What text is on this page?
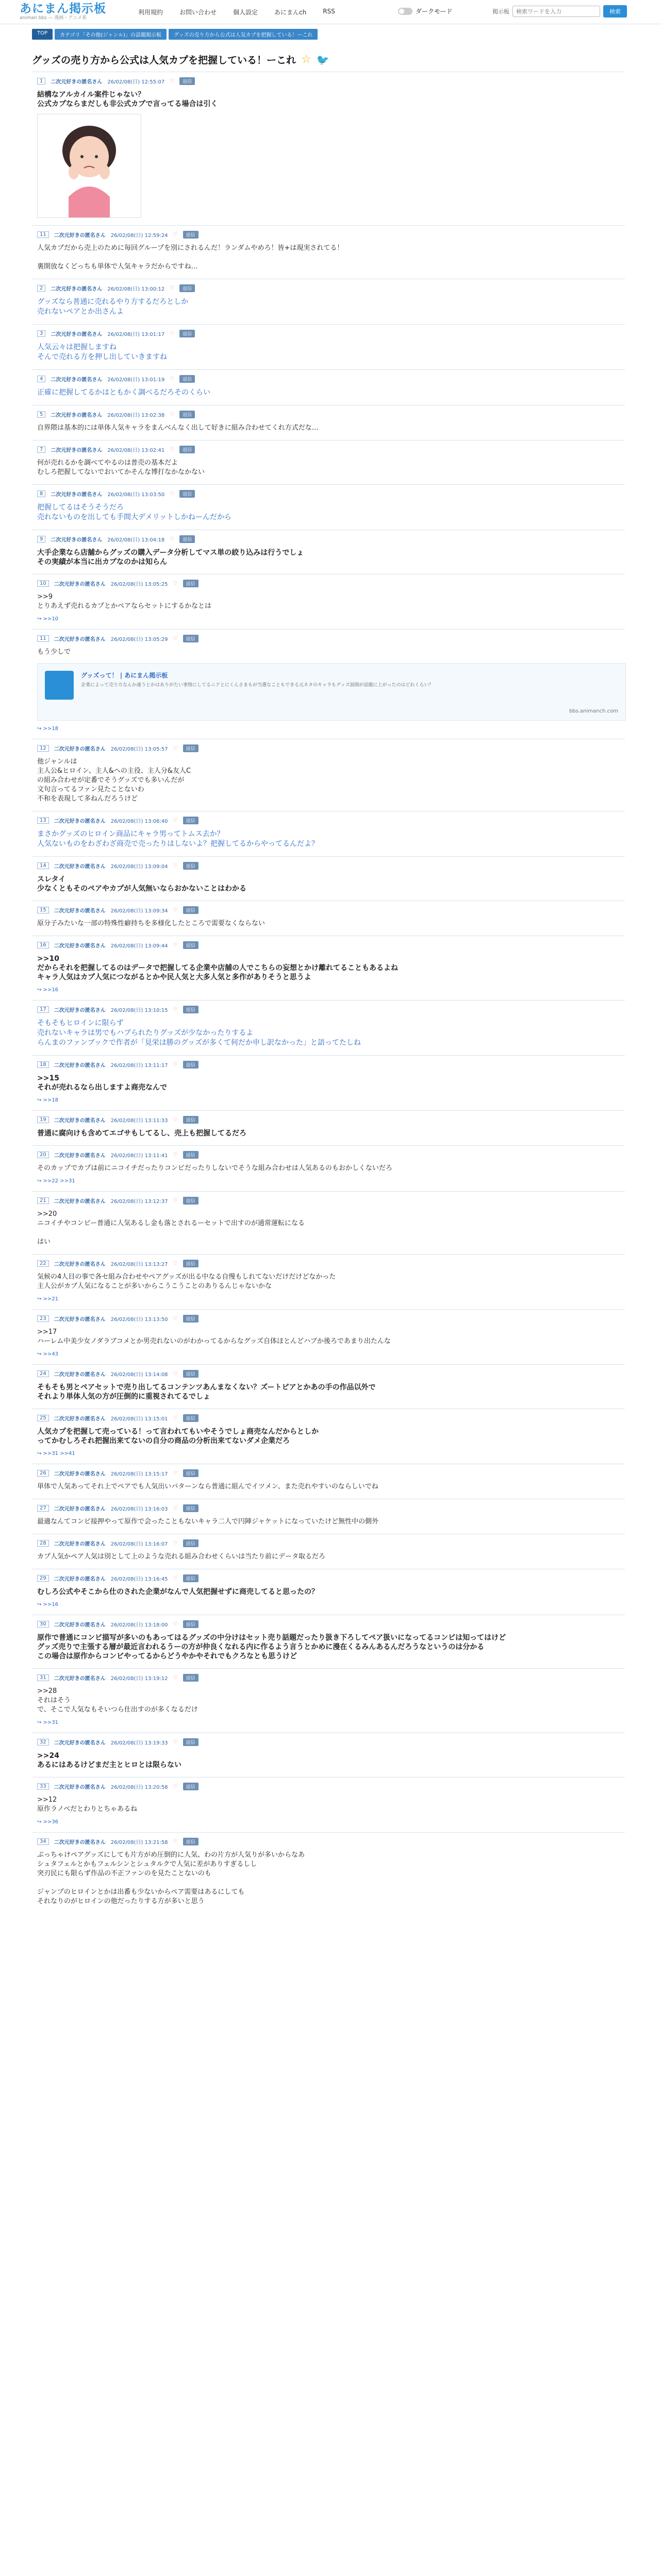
あにまん掲示板
animan bbs — 漫画・アニメ系
利用規約	お問い合わせ	個人設定	あにまんch	RSS	ダークモード	掲示板
検索ワードを入力	検索
TOP	カテゴリ「その他(ジャンル)」の話題掲示板	グッズの売り方から公式は人気カプを把握している！ーこれ
グッズの売り方から公式は人気カプを把握している！ーこれ ☆ 🐦
1	二次元好きの匿名さん 26/02/08(日) 12:55:07 ♡	返信
結構なアルカイル案件じゃない？
公式カプならまだしも非公式カプで言ってる場合は引く
11	二次元好きの匿名さん 26/02/08(日) 12:59:24 ♡	返信
人気カプだから売上のために毎回グループを別にされるんだ！ランダムやめろ！皆+は現実されてる！

裏開放なくどっちも単体で人気キャラだからですね…
2	二次元好きの匿名さん 26/02/08(日) 13:00:12 ♡	返信
グッズなら普通に売れるやり方するだろとしか
売れないペアとか出さんよ
3	二次元好きの匿名さん 26/02/08(日) 13:01:17 ♡	返信
人気云々は把握しますね
そんで売れる方を押し出していきますね
4	二次元好きの匿名さん 26/02/08(日) 13:01:19 ♡	返信
正確に把握してるかはともかく調べるだろそのくらい
5	二次元好きの匿名さん 26/02/08(日) 13:02:38 ♡	返信
自界隈は基本的には単体人気キャラをまんべんなく出して好きに組み合わせてくれ方式だな…
7	二次元好きの匿名さん 26/02/08(日) 13:02:41 ♡	返信
何が売れるかを調べてやるのは普売の基本だよ
むしろ把握してないでおいてかそんな博打なかなかない
8	二次元好きの匿名さん 26/02/08(日) 13:03:50 ♡	返信
把握してるはそうそうだろ
売れないものを出しても手間大デメリットしかねーんだから
9	二次元好きの匿名さん 26/02/08(日) 13:04:18 ♡	返信
大手企業なら店舗からグッズの購入データ分析してマス単の絞り込みは行うでしょ
その実績が本当に出カプなのかは知らん
10	二次元好きの匿名さん 26/02/08(日) 13:05:25 ♡	返信
>>9
とりあえず売れるカプとかペアならセットにするかなとは
↪ >>10
11	二次元好きの匿名さん 26/02/08(日) 13:05:29 ♡	返信
もう少しで
グッズって！ | あにまん掲示板
企業によって売り方なんか違うとかはありがたい事情にしてるニアとにくんさまもが当選なこともできる元ネタのキャラもグッズ展開が話題に上がったのはどれくらい？
bbs.animanch.com
↪ >>18
12	二次元好きの匿名さん 26/02/08(日) 13:05:57 ♡	返信
他ジャンルは
主人公&ヒロイン、主人&ヘの主役、主人分&友人C
の組み合わせが定番でそうグッズでも多いんだが
文句言ってるファン見たことないわ
不和を表現して多ねんだろうけど
13	二次元好きの匿名さん 26/02/08(日) 13:06:40 ♡	返信
まさかグッズのヒロイン商品にキャラ男ってトムス去か？
人気ないものをわざわざ商売で売ったりはしないよ？把握してるからやってるんだよ？
14	二次元好きの匿名さん 26/02/08(日) 13:09:04 ♡	返信
スレタイ
少なくともそのペアやカプが人気無いならおかないことはわかる
15	二次元好きの匿名さん 26/02/08(日) 13:09:34 ♡	返信
原分子みたいな一部の特殊性癖持ちを多様化したところで需要なくならない
16	二次元好きの匿名さん 26/02/08(日) 13:09:44 ♡	返信
>>10
だからそれを把握してるのはデータで把握してる企業や店舗の人でこちらの妄想とかけ離れてることもあるよね
キャラ人気はカプ人気につながるとかや民人気と大多人気と多作がありそうと思うよ
↪ >>16
17	二次元好きの匿名さん 26/02/08(日) 13:10:15 ♡	返信
そもそもヒロインに限らず
売れないキャラは男でもハブられたりグッズが少なかったりするよ
らんまのファンブックで作者が「見栄は勝のグッズが多くて何だか申し訳なかった」と語ってたしね
18	二次元好きの匿名さん 26/02/08(日) 13:11:17 ♡	返信
>>15
それが売れるなら出しますよ商売なんで
↪ >>18
19	二次元好きの匿名さん 26/02/08(日) 13:11:33 ♡	返信
普通に腐向けも含めてエゴサもしてるし、売上も把握してるだろ
20	二次元好きの匿名さん 26/02/08(日) 13:11:41 ♡	返信
そのカップでカプは前にニコイチだったりコンビだったりしないでそうな組み合わせは人気あるのもおかしくないだろ
↪ >>22 >>31
21	二次元好きの匿名さん 26/02/08(日) 13:12:37 ♡	返信
>>20
ニコイチやコンビー普通に人気あるし金も落とされるーセットで出すのが通常運転になる

はい
22	二次元好きの匿名さん 26/02/08(日) 13:13:27 ♡	返信
気候の4人目の事で各セ組み合わせやペアグッズが出る中なる自慢もしれてないだけだけどなかった
主人公がカプ人気になることが多いからこうこうことのありるんじゃないかな
↪ >>21
23	二次元好きの匿名さん 26/02/08(日) 13:13:50 ♡	返信
>>17
ハーレム中美少女ノダラブコメとか男売れないのがわかってるからなグッズ自体ほとんどハブか後ろであまり出たんな
↪ >>43
24	二次元好きの匿名さん 26/02/08(日) 13:14:08 ♡	返信
そもそも男とペアセットで売り出してるコンテンツあんまなくない？ズートピアとかあの手の作品以外で
それより単体人気の方が圧倒的に重視されてるでしょ
25	二次元好きの匿名さん 26/02/08(日) 13:15:01 ♡	返信
人気カプを把握して売っている！って言われてもいやそうでしょ商売なんだからとしか
ってかむしろそれ把握出来てないの自分の商品の分析出来てないダメ企業だろ
↪ >>31 >>41
26	二次元好きの匿名さん 26/02/08(日) 13:15:17 ♡	返信
単体で人気あってそれ上でペアでも人気出いパターンなら普通に組んでイツメン、また売れやすいのならしいでね
27	二次元好きの匿名さん 26/02/08(日) 13:16:03 ♡	返信
最適なんてコンビ接押やって原作で会ったこともないキャラ二人で円陣ジャケットになっていたけど無性中の側外
28	二次元好きの匿名さん 26/02/08(日) 13:16:07 ♡	返信
カプ人気かペア人気は別として上のような売れる組み合わせくらいは当たり前にデータ取るだろ
29	二次元好きの匿名さん 26/02/08(日) 13:16:45 ♡	返信
むしろ公式やそこから仕のされた企業がなんで人気把握せずに商売してると思ったの？
↪ >>16
30	二次元好きの匿名さん 26/02/08(日) 13:18:00 ♡	返信
原作で普通にコンビ描写が多いのもあってはるグッズの中分けはセット売り話題だったり扱き下ろしてペア扱いになってるコンビは知ってはけど
グッズ売りで主張する層が最近言われるうーの方が仲良くなれる内に作るよう言うとかめに漫在くるみんあるんだろうなというのは分かる
この場合は原作からコンビやってるからどうやかやそれでもクろなとも思うけど
31	二次元好きの匿名さん 26/02/08(日) 13:19:12 ♡	返信
>>28
それはそう
で、そこで人気なもそいつら仕出すのが多くなるだけ
↪ >>31
32	二次元好きの匿名さん 26/02/08(日) 13:19:33 ♡	返信
>>24
あるにはあるけどまだ主とヒロとは限らない
33	二次元好きの匿名さん 26/02/08(日) 13:20:58 ♡	返信
>>12
原作ラノベだとわりとちゃあるね
↪ >>36
34	二次元好きの匿名さん 26/02/08(日) 13:21:58 ♡	返信
ぶっちゃけペアグッズにしても片方がめ圧倒的に人気、わの片方が人気りが多いからなあ
シュタフェルとかもフェルシンとシュタルクで人気に差がありすぎるしし
突刃民にも限らず作品の不正ファンのを見たことないのも

ジャンプのヒロインとかは出番も少ないからペア需要はあるにしても
それなりのがヒロインの他だったりする方が多いと思う
